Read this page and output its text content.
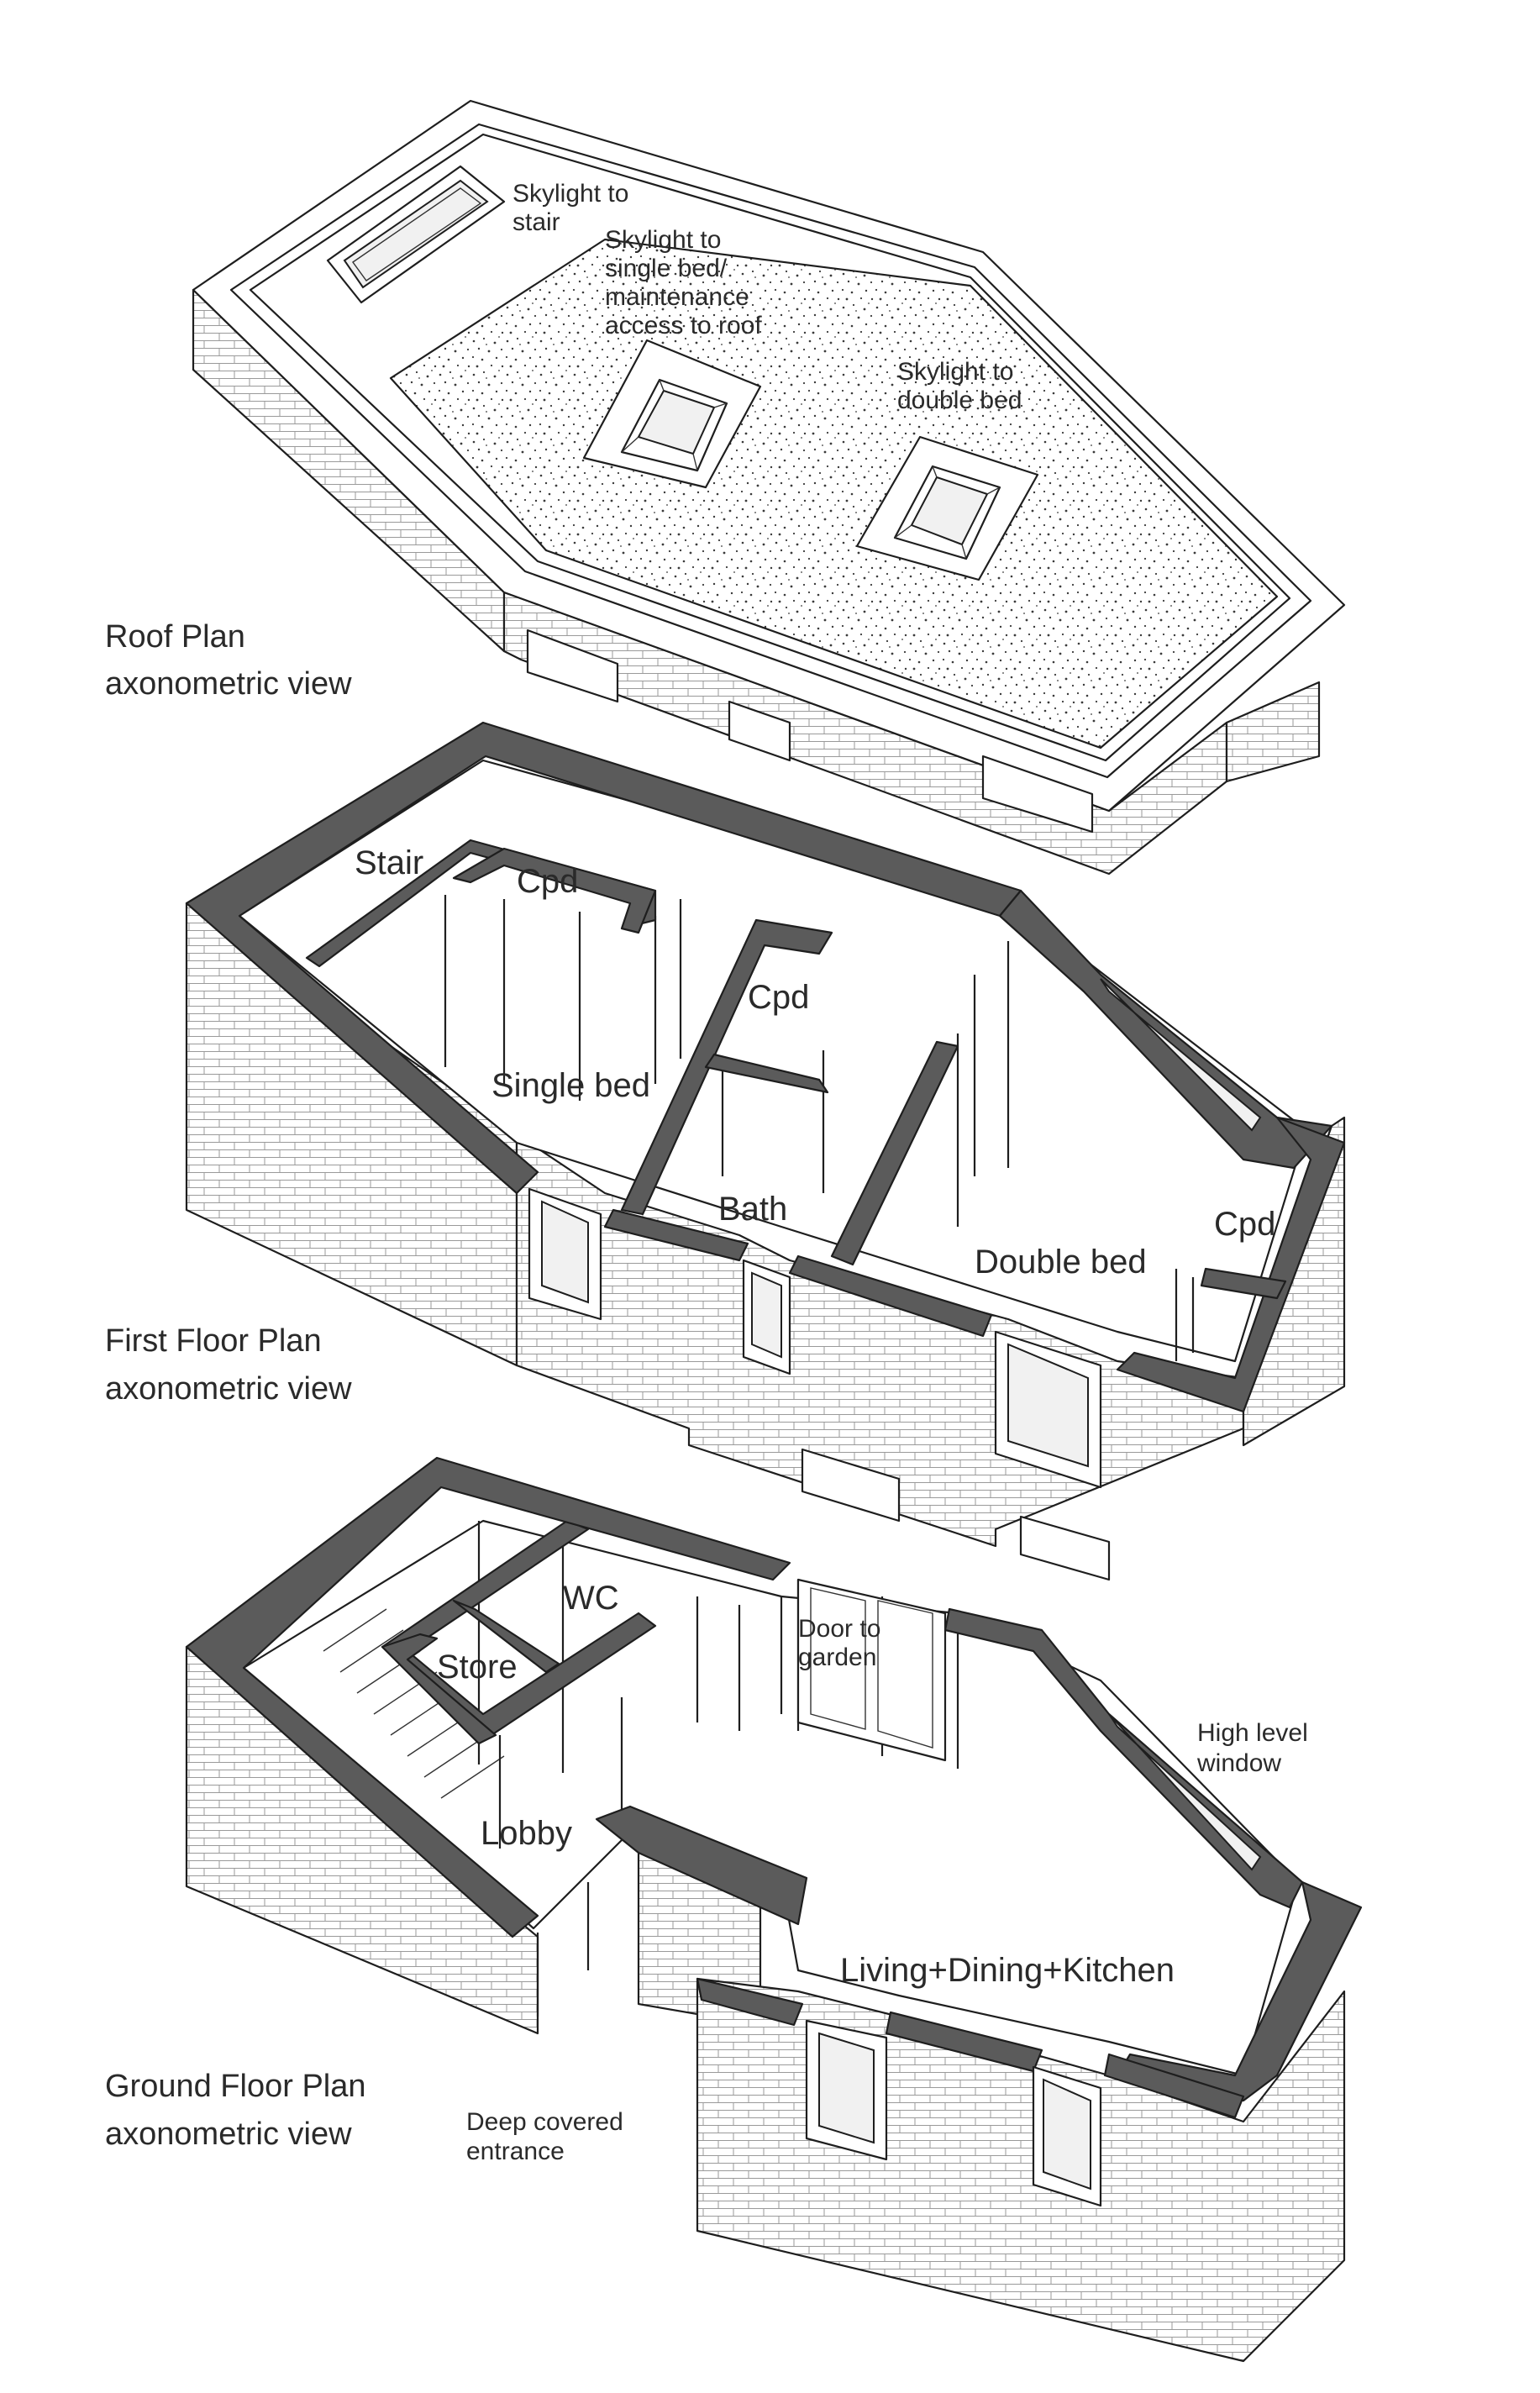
Skylight to
stair
Skylight to
single bed/
maintenance
access to roof
Skylight to
double bed
Roof Plan
axonometric view
Stair	Cpd
Cpd
Single bed
Bath
Double bed
Cpd
First Floor Plan
axonometric view
WC
Store
Door to
garden
High level
window
Lobby
Living+Dining+Kitchen
Deep covered
entrance
Ground Floor Plan
axonometric view
